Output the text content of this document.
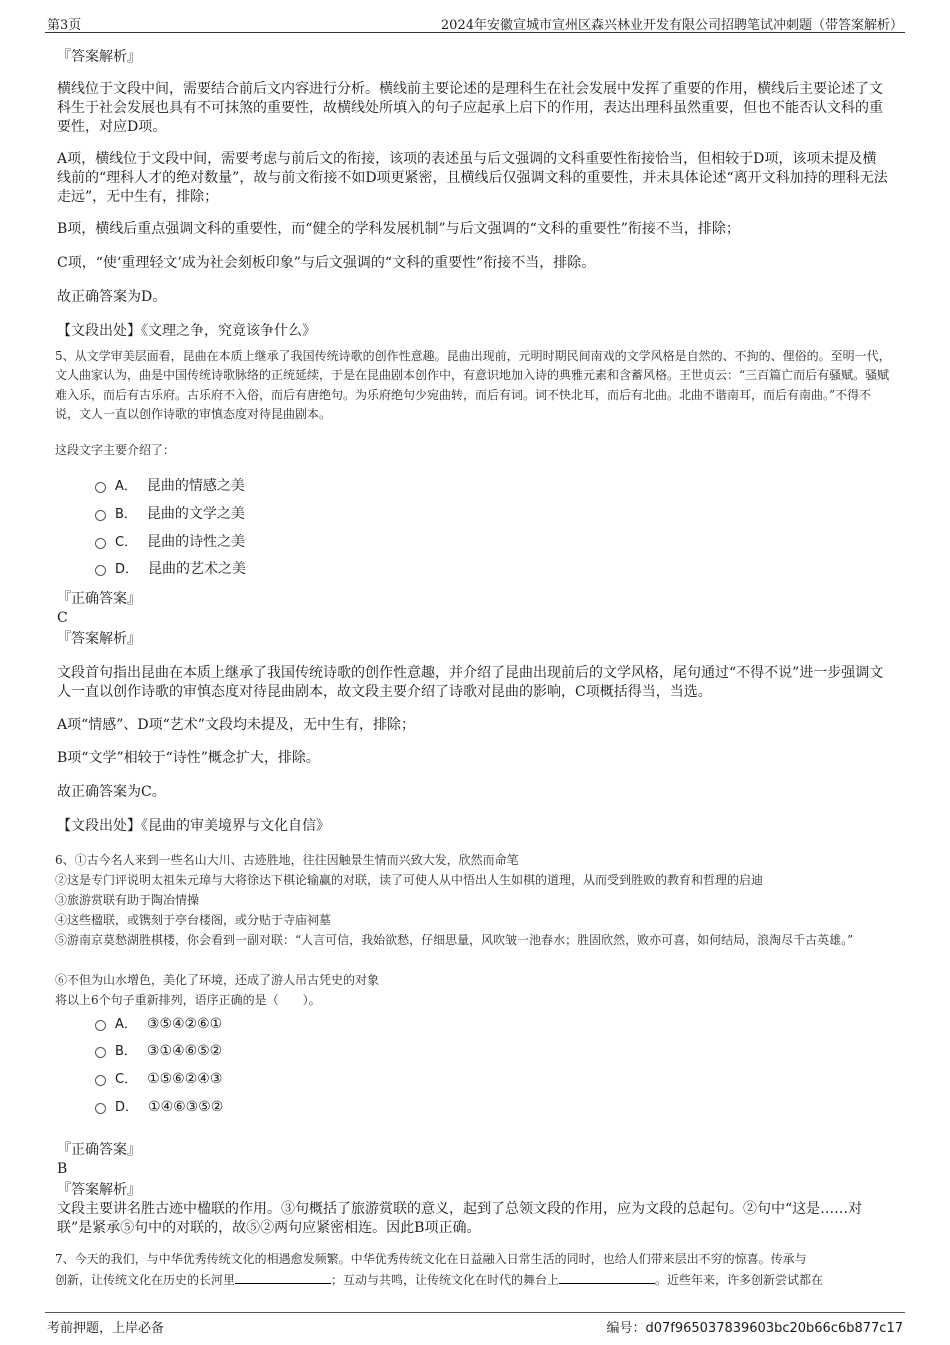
第3页	2024年安徽宣城市宣州区森兴林业开发有限公司招聘笔试冲刺题（带答案解析）
『答案解析』

横线位于文段中间，需要结合前后文内容进行分析。横线前主要论述的是理科生在社会发展中发挥了重要的作用，横线后主要论述了文科生于社会发展也具有不可抹煞的重要性，故横线处所填入的句子应起承上启下的作用，表达出理科虽然重要，但也不能否认文科的重要性，对应D项。

A项，横线位于文段中间，需要考虑与前后文的衔接，该项的表述虽与后文强调的文科重要性衔接恰当，但相较于D项，该项未提及横线前的“理科人才的绝对数量”，故与前文衔接不如D项更紧密，且横线后仅强调文科的重要性，并未具体论述“离开文科加持的理科无法走远”，无中生有，排除；

B项，横线后重点强调文科的重要性，而“健全的学科发展机制”与后文强调的“文科的重要性”衔接不当，排除；

C项，“使‘重理轻文’成为社会刻板印象”与后文强调的“文科的重要性”衔接不当，排除。

故正确答案为D。

【文段出处】《文理之争，究竟该争什么》

5、从文学审美层面看，昆曲在本质上继承了我国传统诗歌的创作性意趣。昆曲出现前，元明时期民间南戏的文学风格是自然的、不拘的、俚俗的。至明一代，文人曲家认为，曲是中国传统诗歌脉络的正统延续，于是在昆曲剧本创作中，有意识地加入诗的典雅元素和含蓄风格。王世贞云：“三百篇亡而后有骚赋。骚赋难入乐，而后有古乐府。古乐府不入俗，而后有唐绝句。为乐府绝句少宛曲转，而后有词。词不快北耳，而后有北曲。北曲不谐南耳，而后有南曲。”不得不说，文人一直以创作诗歌的审慎态度对待昆曲剧本。

这段文字主要介绍了：

A． 昆曲的情感之美
B． 昆曲的文学之美
C． 昆曲的诗性之美
D． 昆曲的艺术之美
『正确答案』
C
『答案解析』

文段首句指出昆曲在本质上继承了我国传统诗歌的创作性意趣，并介绍了昆曲出现前后的文学风格，尾句通过“不得不说”进一步强调文人一直以创作诗歌的审慎态度对待昆曲剧本，故文段主要介绍了诗歌对昆曲的影响，C项概括得当，当选。

A项“情感”、D项“艺术”文段均未提及，无中生有，排除；

B项“文学”相较于“诗性”概念扩大，排除。

故正确答案为C。

【文段出处】《昆曲的审美境界与文化自信》

6、①古今名人来到一些名山大川、古迹胜地，往往因触景生情而兴致大发，欣然而命笔

②这是专门评说明太祖朱元璋与大将徐达下棋论输赢的对联，读了可使人从中悟出人生如棋的道理，从而受到胜败的教育和哲理的启迪

③旅游赏联有助于陶冶情操

④这些楹联，或镌刻于亭台楼阁，或分贴于寺庙祠墓

⑤游南京莫愁湖胜棋楼，你会看到一副对联：“人言可信，我始欲愁，仔细思量，风吹皱一池春水；胜固欣然，败亦可喜，如何结局，浪淘尽千古英雄。”

⑥不但为山水增色，美化了环境，还成了游人吊古凭史的对象

将以上6个句子重新排列，语序正确的是（　　）。

A． ③⑤④②⑥①
B． ③①④⑥⑤②
C． ①⑤⑥②④③
D． ①④⑥③⑤②
『正确答案』
B
『答案解析』

文段主要讲名胜古迹中楹联的作用。③句概括了旅游赏联的意义，起到了总领文段的作用，应为文段的总起句。②句中“这是……对联”是紧承⑤句中的对联的，故⑤②两句应紧密相连。因此B项正确。

7、今天的我们，与中华优秀传统文化的相遇愈发频繁。中华优秀传统文化在日益融入日常生活的同时，也给人们带来层出不穷的惊喜。传承与

创新，让传统文化在历史的长河里	；互动与共鸣，让传统文化在时代的舞台上	。近些年来，许多创新尝试都在

考前押题，上岸必备	编号：d07f965037839603bc20b66c6b877c17
